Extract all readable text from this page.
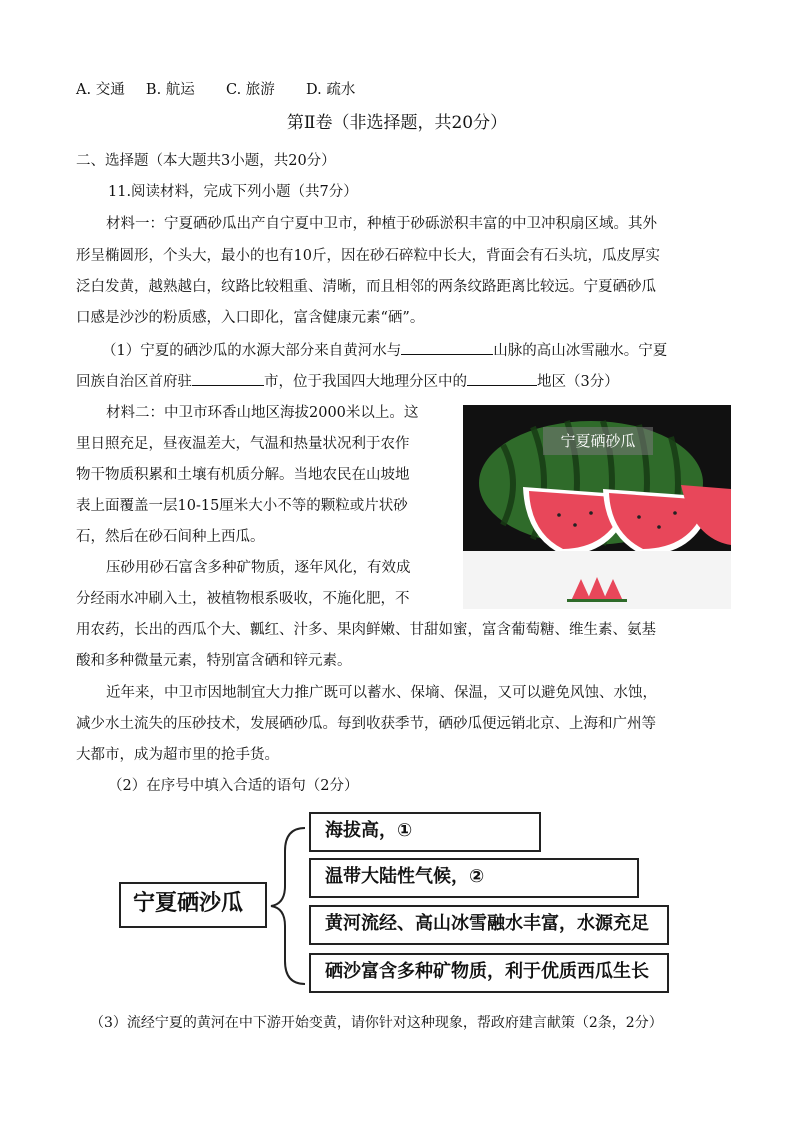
A. 交通 B. 航运 C. 旅游 D. 疏水
第Ⅱ卷（非选择题，共20分）
二、选择题（本大题共3小题，共20分）
11.阅读材料，完成下列小题（共7分）
材料一：宁夏硒砂瓜出产自宁夏中卫市，种植于砂砾淤积丰富的中卫冲积扇区域。其外
形呈椭圆形，个头大，最小的也有10斤，因在砂石碎粒中长大，背面会有石头坑，瓜皮厚实
泛白发黄，越熟越白，纹路比较粗重、清晰，而且相邻的两条纹路距离比较远。宁夏硒砂瓜
口感是沙沙的粉质感，入口即化，富含健康元素“硒”。
（1）宁夏的硒沙瓜的水源大部分来自黄河水与	山脉的高山冰雪融水。宁夏
回族自治区首府驻	市，位于我国四大地理分区中的	地区（3分）
材料二：中卫市环香山地区海拔2000米以上。这
里日照充足，昼夜温差大，气温和热量状况利于农作
物干物质积累和土壤有机质分解。当地农民在山坡地
表上面覆盖一层10-15厘米大小不等的颗粒或片状砂
石，然后在砂石间种上西瓜。
压砂用砂石富含多种矿物质，逐年风化，有效成
分经雨水冲刷入土，被植物根系吸收，不施化肥，不
用农药，长出的西瓜个大、瓤红、汁多、果肉鲜嫩、甘甜如蜜，富含葡萄糖、维生素、氨基
酸和多种微量元素，特别富含硒和锌元素。
近年来，中卫市因地制宜大力推广既可以蓄水、保墒、保温，又可以避免风蚀、水蚀，
减少水土流失的压砂技术，发展硒砂瓜。每到收获季节，硒砂瓜便远销北京、上海和广州等
大都市，成为超市里的抢手货。
宁夏硒砂瓜
（2）在序号中填入合适的语句（2分）
宁夏硒沙瓜
海拔高，①
温带大陆性气候，②
黄河流经、高山冰雪融水丰富，水源充足
硒沙富含多种矿物质，利于优质西瓜生长
（3）流经宁夏的黄河在中下游开始变黄，请你针对这种现象，帮政府建言献策（2条，2分）
